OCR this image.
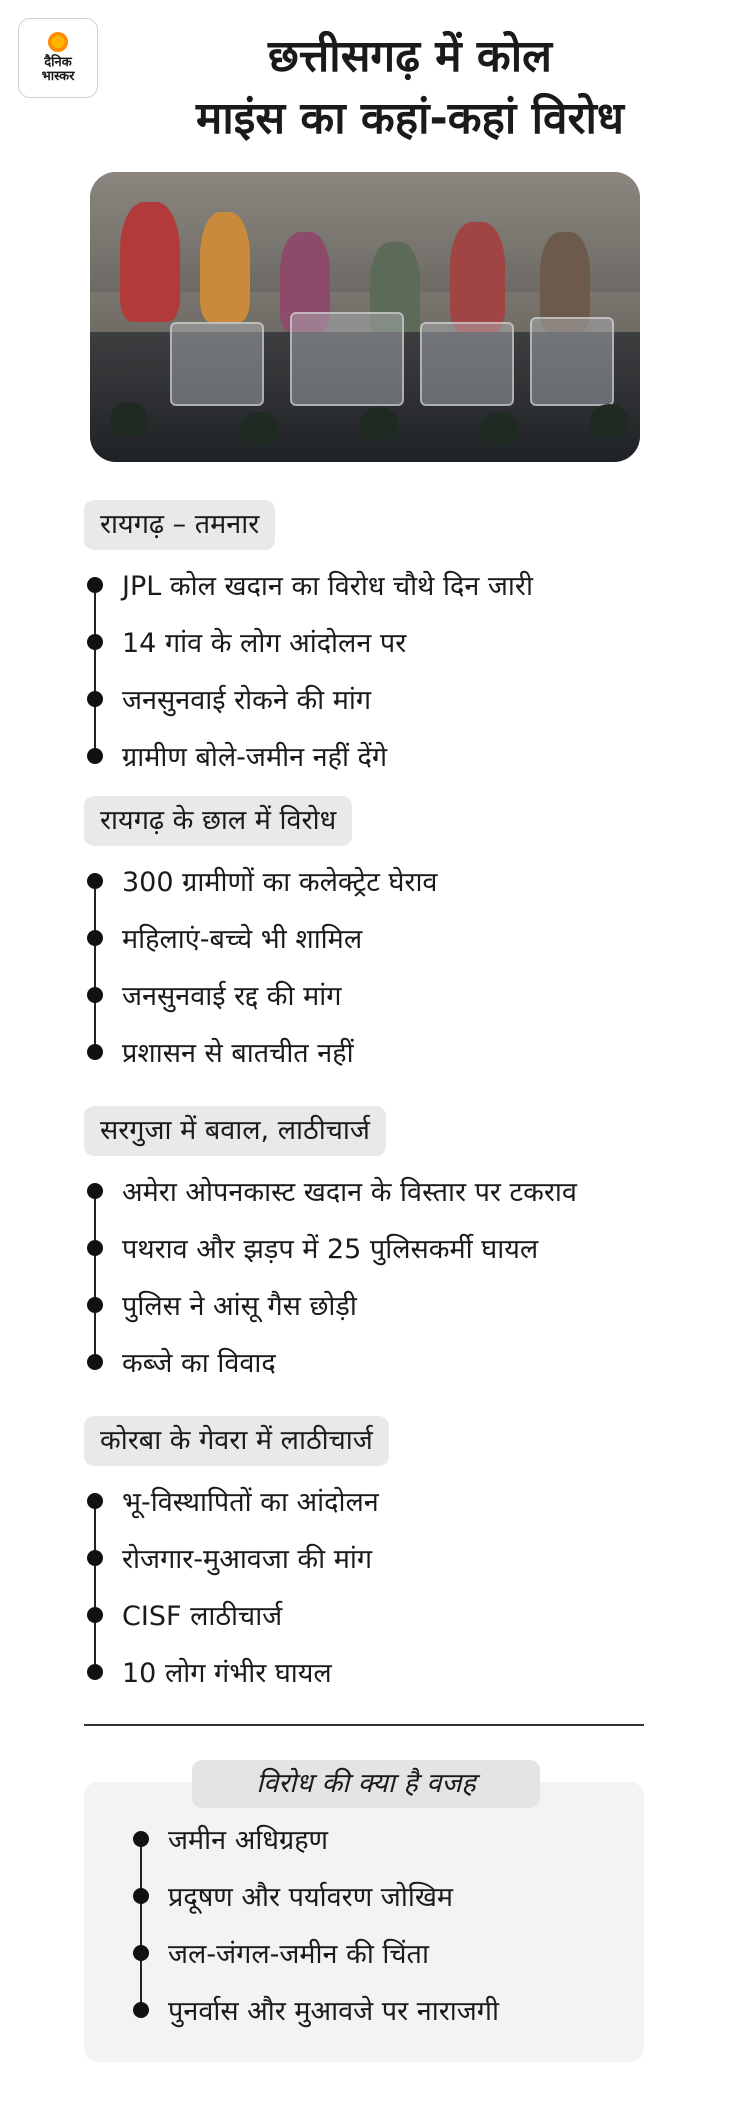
दैनिक
भास्कर	छत्तीसगढ़ में कोल
माइंस का कहां-कहां विरोध
रायगढ़ – तमनार
JPL कोल खदान का विरोध चौथे दिन जारी
14 गांव के लोग आंदोलन पर
जनसुनवाई रोकने की मांग
ग्रामीण बोले-जमीन नहीं देंगे
रायगढ़ के छाल में विरोध
300 ग्रामीणों का कलेक्ट्रेट घेराव
महिलाएं-बच्चे भी शामिल
जनसुनवाई रद्द की मांग
प्रशासन से बातचीत नहीं
सरगुजा में बवाल, लाठीचार्ज
अमेरा ओपनकास्ट खदान के विस्तार पर टकराव
पथराव और झड़प में 25 पुलिसकर्मी घायल
पुलिस ने आंसू गैस छोड़ी
कब्जे का विवाद
कोरबा के गेवरा में लाठीचार्ज
भू-विस्थापितों का आंदोलन
रोजगार-मुआवजा की मांग
CISF लाठीचार्ज
10 लोग गंभीर घायल
विरोध की क्या है वजह
जमीन अधिग्रहण
प्रदूषण और पर्यावरण जोखिम
जल-जंगल-जमीन की चिंता
पुनर्वास और मुआवजे पर नाराजगी
